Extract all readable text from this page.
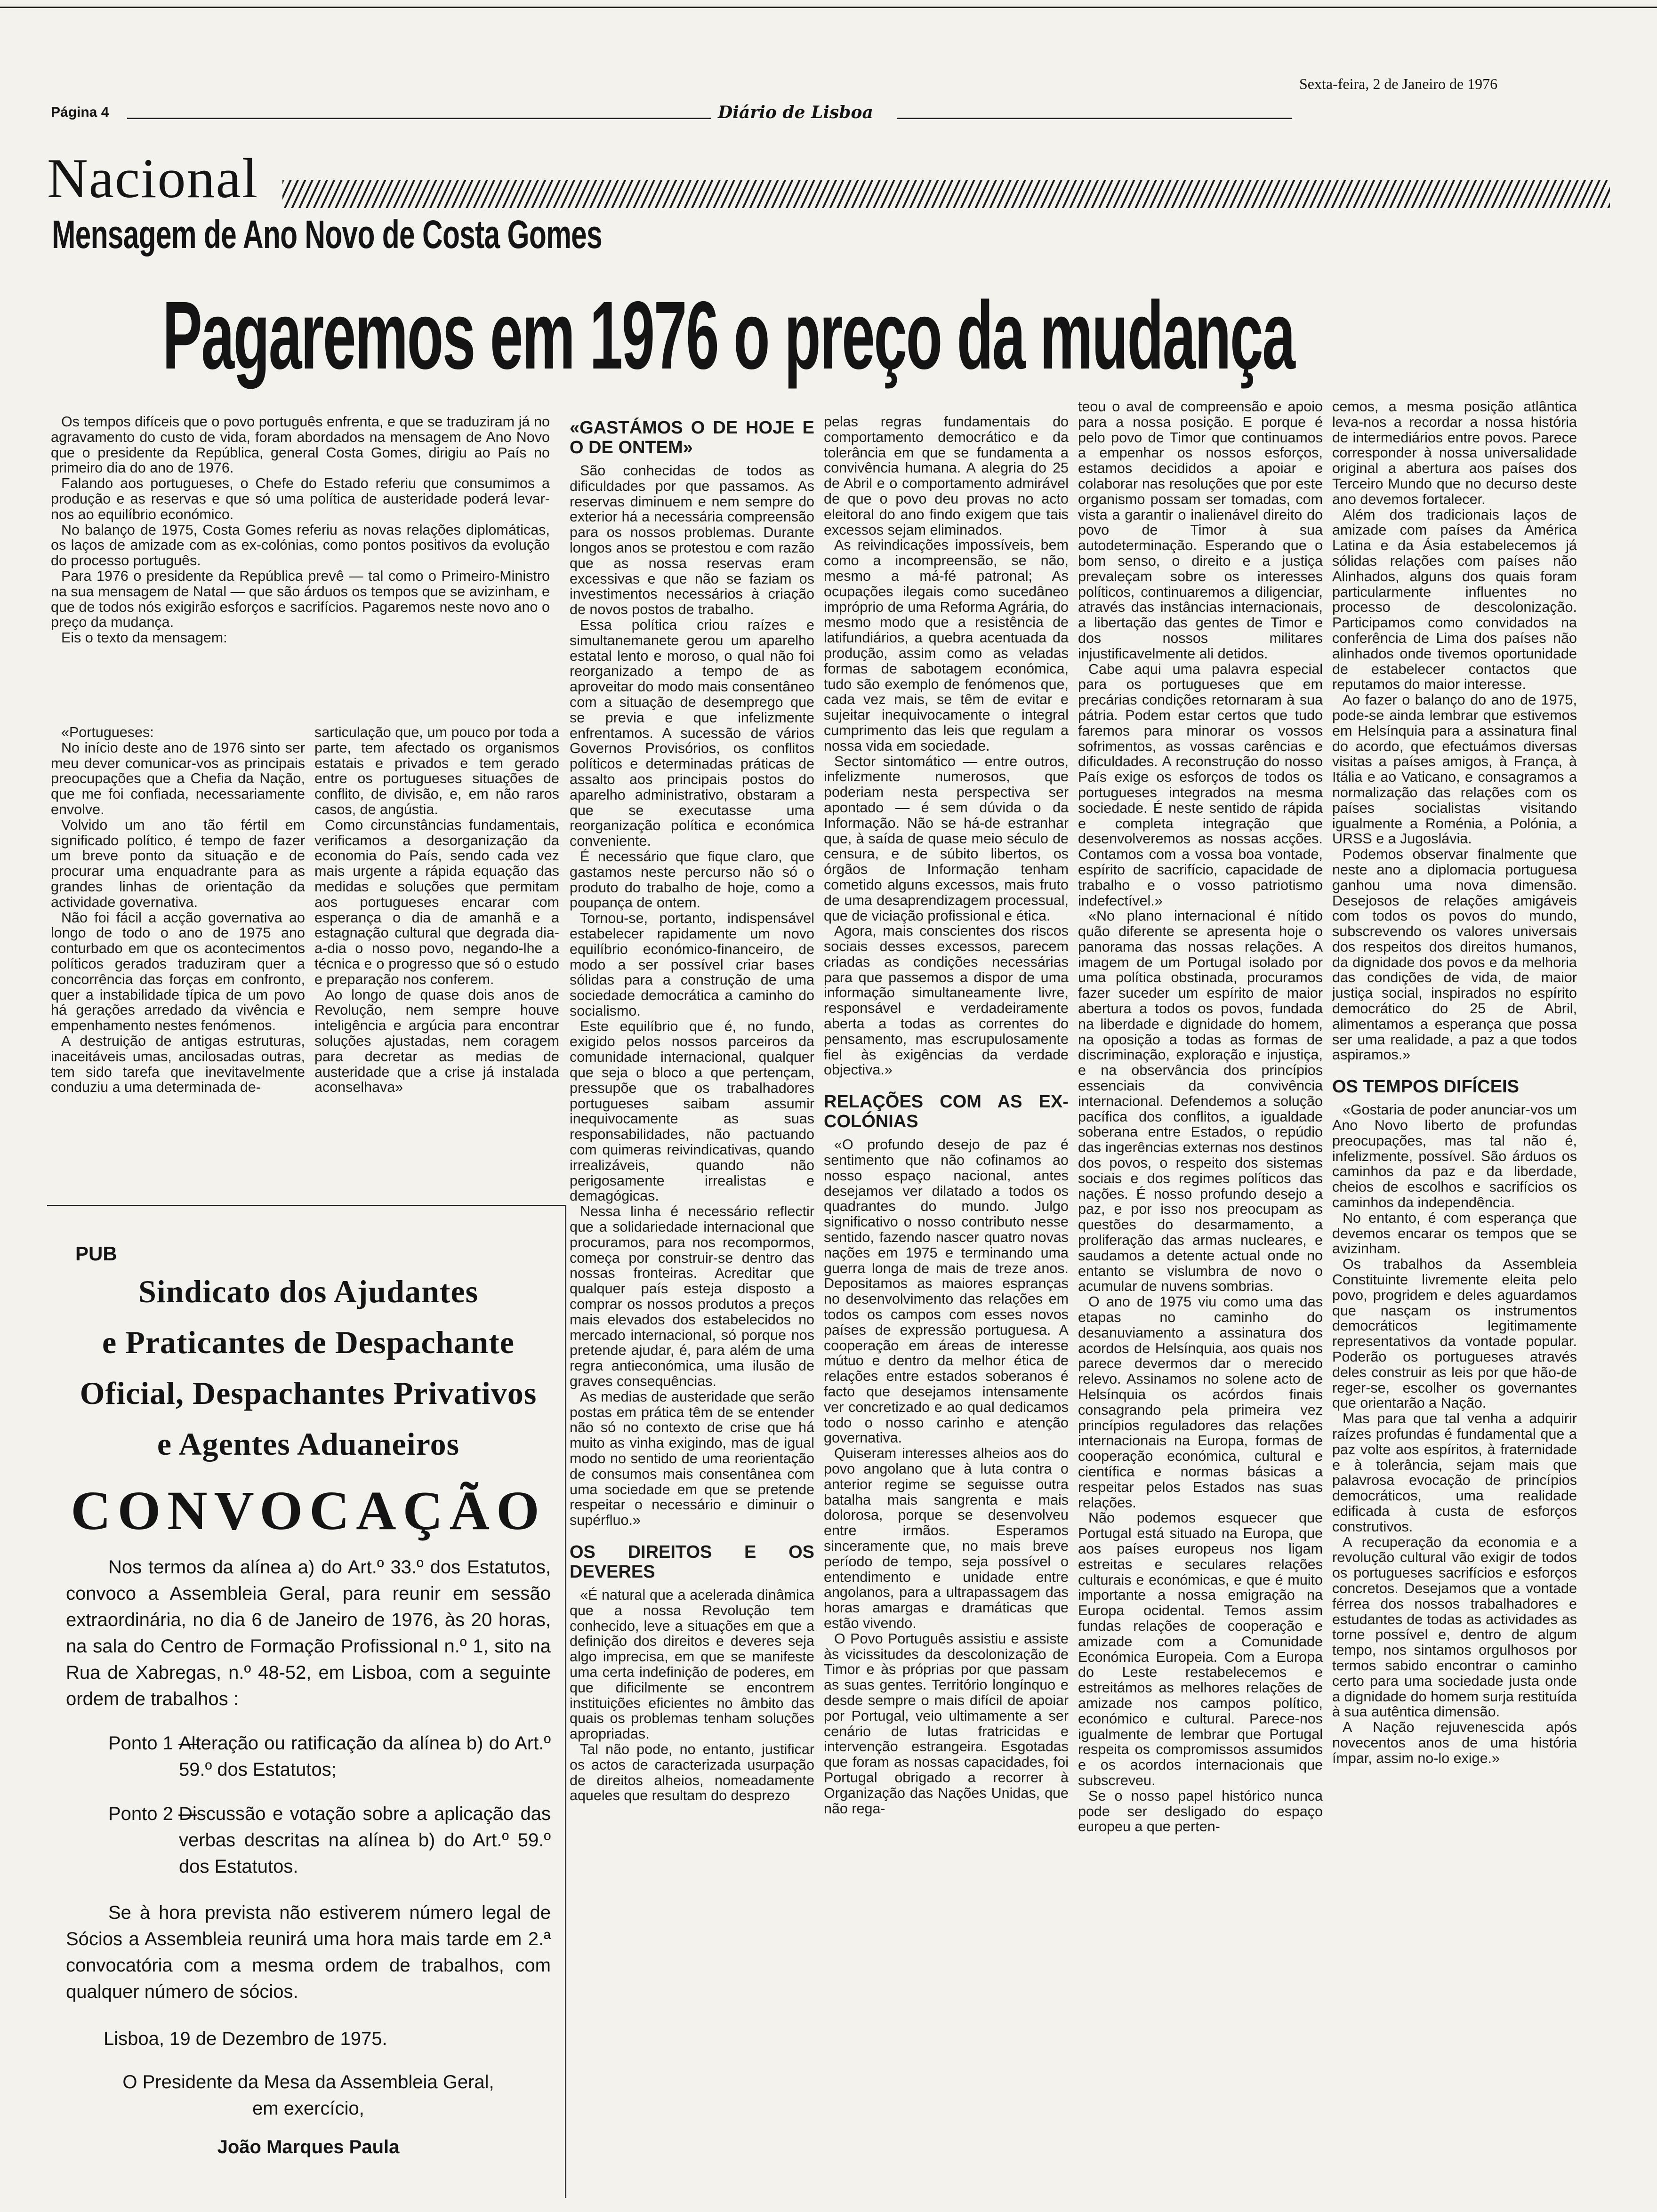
Página 4	Diário de Lisboa
Sexta-feira, 2 de Janeiro de 1976
Nacional
Mensagem de Ano Novo de Costa Gomes
Pagaremos em 1976 o preço da mudança

Os tempos difíceis que o povo português enfrenta, e que se traduziram já no agravamento do custo de vida, foram abordados na mensagem de Ano Novo que o presidente da República, general Costa Gomes, dirigiu ao País no primeiro dia do ano de 1976.

Falando aos portugueses, o Chefe do Estado referiu que consumimos a produção e as reservas e que só uma política de austeridade poderá levar-nos ao equilíbrio económico.

No balanço de 1975, Costa Gomes referiu as novas relações diplomáticas, os laços de amizade com as ex-colónias, como pontos positivos da evolução do processo português.

Para 1976 o presidente da República prevê — tal como o Primeiro-Ministro na sua mensagem de Natal — que são árduos os tempos que se avizinham, e que de todos nós exigirão esforços e sacrifícios. Pagaremos neste novo ano o preço da mudança.

Eis o texto da mensagem:

«Portugueses:

No início deste ano de 1976 sinto ser meu dever comunicar-vos as principais preocupações que a Chefia da Nação, que me foi confiada, necessariamente envolve.

Volvido um ano tão fértil em significado político, é tempo de fazer um breve ponto da situação e de procurar uma enquadrante para as grandes linhas de orientação da actividade governativa.

Não foi fácil a acção governativa ao longo de todo o ano de 1975 ano conturbado em que os acontecimentos políticos gerados traduziram quer a concorrência das forças em confronto, quer a instabilidade típica de um povo há gerações arredado da vivência e empenhamento nestes fenómenos.

A destruição de antigas estruturas, inaceitáveis umas, ancilosadas outras, tem sido tarefa que inevitavelmente conduziu a uma determinada de-

sarticulação que, um pouco por toda a parte, tem afectado os organismos estatais e privados e tem gerado entre os portugueses situações de conflito, de divisão, e, em não raros casos, de angústia.

Como circunstâncias fundamentais, verificamos a desorganização da economia do País, sendo cada vez mais urgente a rápida equação das medidas e soluções que permitam aos portugueses encarar com esperança o dia de amanhã e a estagnação cultural que degrada dia-a-dia o nosso povo, negando-lhe a técnica e o progresso que só o estudo e preparação nos conferem.

Ao longo de quase dois anos de Revolução, nem sempre houve inteligência e argúcia para encontrar soluções ajustadas, nem coragem para decretar as medias de austeridade que a crise já instalada aconselhava»

«GASTÁMOS O DE HOJE E O DE ONTEM»

São conhecidas de todos as dificuldades por que passamos. As reservas diminuem e nem sempre do exterior há a necessária compreensão para os nossos problemas. Durante longos anos se protestou e com razão que as nossa reservas eram excessivas e que não se faziam os investimentos necessários à criação de novos postos de trabalho.

Essa política criou raízes e simultanemanete gerou um aparelho estatal lento e moroso, o qual não foi reorganizado a tempo de as aproveitar do modo mais consentâneo com a situação de desemprego que se previa e que infelizmente enfrentamos. A sucessão de vários Governos Provisórios, os conflitos políticos e determinadas práticas de assalto aos principais postos do aparelho administrativo, obstaram a que se executasse uma reorganização política e económica conveniente.

É necessário que fique claro, que gastamos neste percurso não só o produto do trabalho de hoje, como a poupança de ontem.

Tornou-se, portanto, indispensável estabelecer rapidamente um novo equilíbrio económico-financeiro, de modo a ser possível criar bases sólidas para a construção de uma sociedade democrática a caminho do socialismo.

Este equilíbrio que é, no fundo, exigido pelos nossos parceiros da comunidade internacional, qualquer que seja o bloco a que pertençam, pressupõe que os trabalhadores portugueses saibam assumir inequivocamente as suas responsabilidades, não pactuando com quimeras reivindicativas, quando irrealizáveis, quando não perigosamente irrealistas e demagógicas.

Nessa linha é necessário reflectir que a solidariedade internacional que procuramos, para nos recompormos, começa por construir-se dentro das nossas fronteiras. Acreditar que qualquer país esteja disposto a comprar os nossos produtos a preços mais elevados dos estabelecidos no mercado internacional, só porque nos pretende ajudar, é, para além de uma regra antieconómica, uma ilusão de graves consequências.

As medias de austeridade que serão postas em prática têm de se entender não só no contexto de crise que há muito as vinha exigindo, mas de igual modo no sentido de uma reorientação de consumos mais consentânea com uma sociedade em que se pretende respeitar o necessário e diminuir o supérfluo.»

OS DIREITOS E OS DEVERES

«É natural que a acelerada dinâmica que a nossa Revolução tem conhecido, leve a situações em que a definição dos direitos e deveres seja algo imprecisa, em que se manifeste uma certa indefinição de poderes, em que dificilmente se encontrem instituições eficientes no âmbito das quais os problemas tenham soluções apropriadas.

Tal não pode, no entanto, justificar os actos de caracterizada usurpação de direitos alheios, nomeadamente aqueles que resultam do desprezo

pelas regras fundamentais do comportamento democrático e da tolerância em que se fundamenta a convivência humana. A alegria do 25 de Abril e o comportamento admirável de que o povo deu provas no acto eleitoral do ano findo exigem que tais excessos sejam eliminados.

As reivindicações impossíveis, bem como a incompreensão, se não, mesmo a má-fé patronal; As ocupações ilegais como sucedâneo impróprio de uma Reforma Agrária, do mesmo modo que a resistência de latifundiários, a quebra acentuada da produção, assim como as veladas formas de sabotagem económica, tudo são exemplo de fenómenos que, cada vez mais, se têm de evitar e sujeitar inequivocamente o integral cumprimento das leis que regulam a nossa vida em sociedade.

Sector sintomático — entre outros, infelizmente numerosos, que poderiam nesta perspectiva ser apontado — é sem dúvida o da Informação. Não se há-de estranhar que, à saída de quase meio século de censura, e de súbito libertos, os órgãos de Informação tenham cometido alguns excessos, mais fruto de uma desaprendizagem processual, que de viciação profissional e ética.

Agora, mais conscientes dos riscos sociais desses excessos, parecem criadas as condições necessárias para que passemos a dispor de uma informação simultaneamente livre, responsável e verdadeiramente aberta a todas as correntes do pensamento, mas escrupulosamente fiel às exigências da verdade objectiva.»

RELAÇÕES COM AS EX-COLÓNIAS

«O profundo desejo de paz é sentimento que não cofinamos ao nosso espaço nacional, antes desejamos ver dilatado a todos os quadrantes do mundo. Julgo significativo o nosso contributo nesse sentido, fazendo nascer quatro novas nações em 1975 e terminando uma guerra longa de mais de treze anos. Depositamos as maiores espranças no desenvolvimento das relações em todos os campos com esses novos países de expressão portuguesa. A cooperação em áreas de interesse mútuo e dentro da melhor ética de relações entre estados soberanos é facto que desejamos intensamente ver concretizado e ao qual dedicamos todo o nosso carinho e atenção governativa.

Quiseram interesses alheios aos do povo angolano que à luta contra o anterior regime se seguisse outra batalha mais sangrenta e mais dolorosa, porque se desenvolveu entre irmãos. Esperamos sinceramente que, no mais breve período de tempo, seja possível o entendimento e unidade entre angolanos, para a ultrapassagem das horas amargas e dramáticas que estão vivendo.

O Povo Português assistiu e assiste às vicissitudes da descolonização de Timor e às próprias por que passam as suas gentes. Território longínquo e desde sempre o mais difícil de apoiar por Portugal, veio ultimamente a ser cenário de lutas fratricidas e intervenção estrangeira. Esgotadas que foram as nossas capacidades, foi Portugal obrigado a recorrer à Organização das Nações Unidas, que não rega-

teou o aval de compreensão e apoio para a nossa posição. E porque é pelo povo de Timor que continuamos a empenhar os nossos esforços, estamos decididos a apoiar e colaborar nas resoluções que por este organismo possam ser tomadas, com vista a garantir o inalienável direito do povo de Timor à sua autodeterminação. Esperando que o bom senso, o direito e a justiça prevaleçam sobre os interesses políticos, continuaremos a diligenciar, através das instâncias internacionais, a libertação das gentes de Timor e dos nossos militares injustificavelmente ali detidos.

Cabe aqui uma palavra especial para os portugueses que em precárias condições retornaram à sua pátria. Podem estar certos que tudo faremos para minorar os vossos sofrimentos, as vossas carências e dificuldades. A reconstrução do nosso País exige os esforços de todos os portugueses integrados na mesma sociedade. É neste sentido de rápida e completa integração que desenvolveremos as nossas acções. Contamos com a vossa boa vontade, espírito de sacrifício, capacidade de trabalho e o vosso patriotismo indefectível.»

«No plano internacional é nítido quão diferente se apresenta hoje o panorama das nossas relações. A imagem de um Portugal isolado por uma política obstinada, procuramos fazer suceder um espírito de maior abertura a todos os povos, fundada na liberdade e dignidade do homem, na oposição a todas as formas de discriminação, exploração e injustiça, e na observância dos princípios essenciais da convivência internacional. Defendemos a solução pacífica dos conflitos, a igualdade soberana entre Estados, o repúdio das ingerências externas nos destinos dos povos, o respeito dos sistemas sociais e dos regimes políticos das nações. É nosso profundo desejo a paz, e por isso nos preocupam as questões do desarmamento, a proliferação das armas nucleares, e saudamos a detente actual onde no entanto se vislumbra de novo o acumular de nuvens sombrias.

O ano de 1975 viu como uma das etapas no caminho do desanuviamento a assinatura dos acordos de Helsínquia, aos quais nos parece devermos dar o merecido relevo. Assinamos no solene acto de Helsínquia os acórdos finais consagrando pela primeira vez princípios reguladores das relações internacionais na Europa, formas de cooperação económica, cultural e científica e normas básicas a respeitar pelos Estados nas suas relações.

Não podemos esquecer que Portugal está situado na Europa, que aos países europeus nos ligam estreitas e seculares relações culturais e económicas, e que é muito importante a nossa emigração na Europa ocidental. Temos assim fundas relações de cooperação e amizade com a Comunidade Económica Europeia. Com a Europa do Leste restabelecemos e estreitámos as melhores relações de amizade nos campos político, económico e cultural. Parece-nos igualmente de lembrar que Portugal respeita os compromissos assumidos e os acordos internacionais que subscreveu.

Se o nosso papel histórico nunca pode ser desligado do espaço europeu a que perten-

cemos, a mesma posição atlântica leva-nos a recordar a nossa história de intermediários entre povos. Parece corresponder à nossa universalidade original a abertura aos países dos Terceiro Mundo que no decurso deste ano devemos fortalecer.

Além dos tradicionais laços de amizade com países da América Latina e da Ásia estabelecemos já sólidas relações com países não Alinhados, alguns dos quais foram particularmente influentes no processo de descolonização. Participamos como convidados na conferência de Lima dos países não alinhados onde tivemos oportunidade de estabelecer contactos que reputamos do maior interesse.

Ao fazer o balanço do ano de 1975, pode-se ainda lembrar que estivemos em Helsínquia para a assinatura final do acordo, que efectuámos diversas visitas a países amigos, à França, à Itália e ao Vaticano, e consagramos a normalização das relações com os países socialistas visitando igualmente a Roménia, a Polónia, a URSS e a Jugoslávia.

Podemos observar finalmente que neste ano a diplomacia portuguesa ganhou uma nova dimensão. Desejosos de relações amigáveis com todos os povos do mundo, subscrevendo os valores universais dos respeitos dos direitos humanos, da dignidade dos povos e da melhoria das condições de vida, de maior justiça social, inspirados no espírito democrático do 25 de Abril, alimentamos a esperança que possa ser uma realidade, a paz a que todos aspiramos.»

OS TEMPOS DIFÍCEIS

«Gostaria de poder anunciar-vos um Ano Novo liberto de profundas preocupações, mas tal não é, infelizmente, possível. São árduos os caminhos da paz e da liberdade, cheios de escolhos e sacrifícios os caminhos da independência.

No entanto, é com esperança que devemos encarar os tempos que se avizinham.

Os trabalhos da Assembleia Constituinte livremente eleita pelo povo, progridem e deles aguardamos que nasçam os instrumentos democráticos legitimamente representativos da vontade popular. Poderão os portugueses através deles construir as leis por que hão-de reger-se, escolher os governantes que orientarão a Nação.

Mas para que tal venha a adquirir raízes profundas é fundamental que a paz volte aos espíritos, à fraternidade e à tolerância, sejam mais que palavrosa evocação de princípios democráticos, uma realidade edificada à custa de esforços construtivos.

A recuperação da economia e a revolução cultural vão exigir de todos os portugueses sacrifícios e esforços concretos. Desejamos que a vontade férrea dos nossos trabalhadores e estudantes de todas as actividades as torne possível e, dentro de algum tempo, nos sintamos orgulhosos por termos sabido encontrar o caminho certo para uma sociedade justa onde a dignidade do homem surja restituída à sua autêntica dimensão.

A Nação rejuvenescida após novecentos anos de uma história ímpar, assim no-lo exige.»

PUB
Sindicato dos Ajudantes
e Praticantes de Despachante
Oficial, Despachantes Privativos
e Agentes Aduaneiros
CONVOCAÇÃO

Nos termos da alínea a) do Art.º 33.º dos Estatutos, convoco a Assembleia Geral, para reunir em sessão extraordinária, no dia 6 de Janeiro de 1976, às 20 horas, na sala do Centro de Formação Profissional n.º 1, sito na Rua de Xabregas, n.º 48-52, em Lisboa, com a seguinte ordem de trabalhos :

Ponto 1 —
Alteração ou ratificação da alínea b) do Art.º 59.º dos Estatutos;
Ponto 2 —
Discussão e votação sobre a aplicação das verbas descritas na alínea b) do Art.º 59.º dos Estatutos.

Se à hora prevista não estiverem número legal de Sócios a Assembleia reunirá uma hora mais tarde em 2.ª convocatória com a mesma ordem de trabalhos, com qualquer número de sócios.

Lisboa, 19 de Dezembro de 1975.

O Presidente da Mesa da Assembleia Geral,

em exercício,

João Marques Paula
